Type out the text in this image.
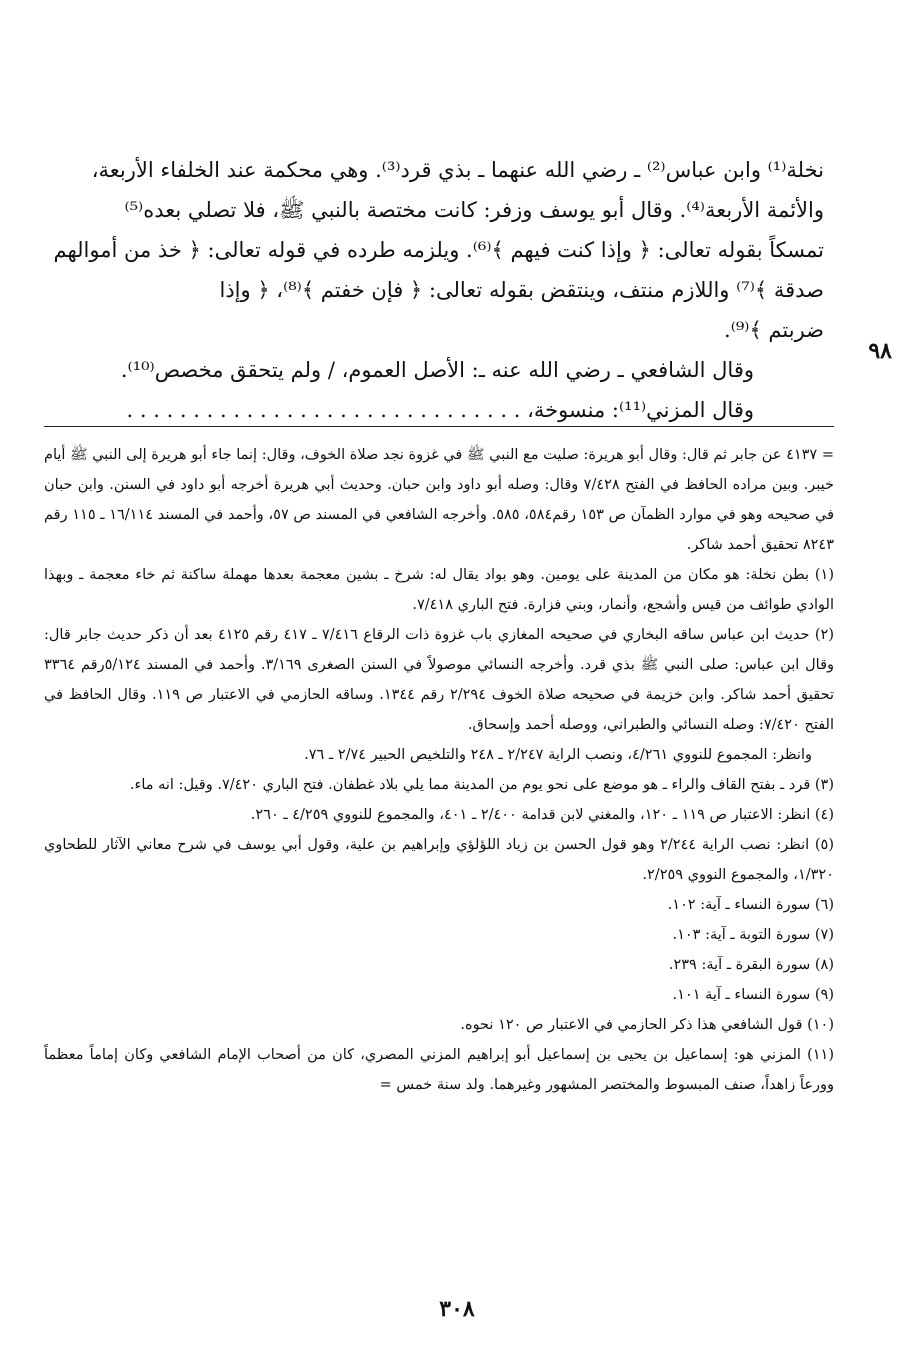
نخلة⁽¹⁾ وابن عباس⁽²⁾ ـ رضي الله عنهما ـ بذي قرد⁽³⁾. وهي محكمة عند الخلفاء الأربعة،

والأئمة الأربعة⁽⁴⁾. وقال أبو يوسف وزفر: كانت مختصة بالنبي ﷺ، فلا تصلي بعده⁽⁵⁾

تمسكاً بقوله تعالى: ﴿ وإذا كنت فيهم ﴾⁽⁶⁾. ويلزمه طرده في قوله تعالى: ﴿ خذ من أموالهم

صدقة ﴾⁽⁷⁾ واللازم منتف، وينتقض بقوله تعالى: ﴿ فإن خفتم ﴾⁽⁸⁾، ﴿ وإذا

ضربتم ﴾⁽⁹⁾.

وقال الشافعي ـ رضي الله عنه ـ: الأصل العموم، / ولم يتحقق مخصص⁽¹⁰⁾.

وقال المزني⁽¹¹⁾: منسوخة، . . . . . . . . . . . . . . . . . . . . . . . . . . . . . .

٩٨

= ٤١٣٧ عن جابر ثم قال: وقال أبو هريرة: صليت مع النبي ﷺ في غزوة نجد صلاة الخوف، وقال: إنما جاء أبو هريرة إلى النبي ﷺ أيام خيبر. وبين مراده الحافظ في الفتح ٧/٤٢٨ وقال: وصله أبو داود وابن حبان. وحديث أبي هريرة أخرجه أبو داود في السنن. وابن حبان في صحيحه وهو في موارد الظمآن ص ١٥٣ رقم٥٨٤، ٥٨٥. وأخرجه الشافعي في المسند ص ٥٧، وأحمد في المسند ١٦/١١٤ ـ ١١٥ رقم ٨٢٤٣ تحقيق أحمد شاكر.

(١) بطن نخلة: هو مكان من المدينة على يومين. وهو بواد يقال له: شرخ ـ بشين معجمة بعدها مهملة ساكنة ثم خاء معجمة ـ وبهذا الوادي طوائف من قيس وأشجع، وأنمار، وبني فزارة. فتح الباري ٧/٤١٨.

(٢) حديث ابن عباس ساقه البخاري في صحيحه المغازي باب غزوة ذات الرقاع ٧/٤١٦ ـ ٤١٧ رقم ٤١٢٥ بعد أن ذكر حديث جابر قال: وقال ابن عباس: صلى النبي ﷺ بذي قرد. وأخرجه النسائي موصولاً في السنن الصغرى ٣/١٦٩. وأحمد في المسند ٥/١٢٤رقم ٣٣٦٤ تحقيق أحمد شاكر. وابن خزيمة في صحيحه صلاة الخوف ٢/٢٩٤ رقم ١٣٤٤. وساقه الحازمي في الاعتبار ص ١١٩. وقال الحافظ في الفتح ٧/٤٢٠: وصله النسائي والطبراني، ووصله أحمد وإسحاق.

وانظر: المجموع للنووي ٤/٢٦١، ونصب الراية ٢/٢٤٧ ـ ٢٤٨ والتلخيص الحبير ٢/٧٤ ـ ٧٦.

(٣) قرد ـ بفتح القاف والراء ـ هو موضع على نحو يوم من المدينة مما يلي بلاد غطفان. فتح الباري ٧/٤٢٠. وقيل: انه ماء.

(٤) انظر: الاعتبار ص ١١٩ ـ ١٢٠، والمغني لابن قدامة ٢/٤٠٠ ـ ٤٠١، والمجموع للنووي ٤/٢٥٩ ـ ٢٦٠.

(٥) انظر: نصب الراية ٢/٢٤٤ وهو قول الحسن بن زياد اللؤلؤي وإبراهيم بن علية، وقول أبي يوسف في شرح معاني الآثار للطحاوي ١/٣٢٠، والمجموع النووي ٢/٢٥٩.

(٦) سورة النساء ـ آية: ١٠٢.

(٧) سورة التوبة ـ آية: ١٠٣.

(٨) سورة البقرة ـ آية: ٢٣٩.

(٩) سورة النساء ـ آية ١٠١.

(١٠) قول الشافعي هذا ذكر الحازمي في الاعتبار ص ١٢٠ نحوه.

(١١) المزني هو: إسماعيل بن يحيى بن إسماعيل أبو إبراهيم المزني المصري، كان من أصحاب الإمام الشافعي وكان إماماً معظماً وورعاً زاهداً، صنف المبسوط والمختصر المشهور وغيرهما. ولد سنة خمس =

٣٠٨
